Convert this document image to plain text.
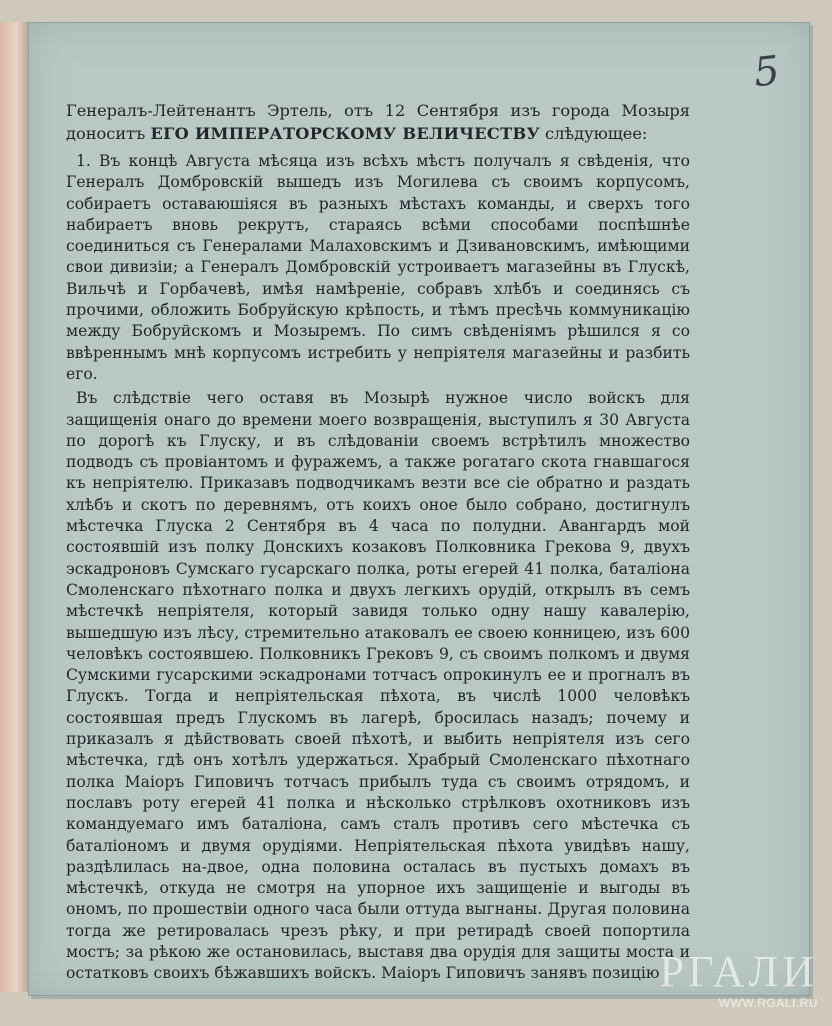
5

Генералъ-Лейтенантъ Эртель, отъ 12 Сентября изъ города Мозыря доноситъ ЕГО ИМПЕРАТОРСКОМУ ВЕЛИЧЕСТВУ слѣдующее:

1. Въ концѣ Августа мѣсяца изъ всѣхъ мѣстъ получалъ я свѣденія, что Генералъ Домбровскій вышедъ изъ Могилева съ своимъ корпусомъ, собираетъ оставаюшіяся въ разныхъ мѣстахъ команды, и сверхъ того набираетъ вновь рекрутъ, стараясь всѣми способами поспѣшнѣе соединиться съ Генералами Малаховскимъ и Дзивановскимъ, имѣющими свои дивизіи; а Генералъ Домбровскій устроиваетъ магазейны въ Глускѣ, Вильчѣ и Горбачевѣ, имѣя намѣреніе, собравъ хлѣбъ и соединясь съ прочими, обложить Бобруйскую крѣпость, и тѣмъ пресѣчь коммуникацію между Бобруйскомъ и Мозыремъ. По симъ свѣденіямъ рѣшился я со ввѣреннымъ мнѣ корпусомъ истребить у непріятеля магазейны и разбить его.

Въ слѣдствіе чего оставя въ Мозырѣ нужное число войскъ для защищенія онаго до времени моего возвращенія, выступилъ я 30 Августа по дорогѣ къ Глуску, и въ слѣдованіи своемъ встрѣтилъ множество подводъ съ провіантомъ и фуражемъ, а также рогатаго скота гнавшагося къ непріятелю. Приказавъ подводчикамъ везти все сіе обратно и раздать хлѣбъ и скотъ по деревнямъ, отъ коихъ оное было собрано, достигнулъ мѣстечка Глуска 2 Сентября въ 4 часа по полудни. Авангардъ мой состоявшій изъ полку Донскихъ козаковъ Полковника Грекова 9, двухъ эскадроновъ Сумскаго гусарскаго полка, роты егерей 41 полка, баталіона Смоленскаго пѣхотнаго полка и двухъ легкихъ орудій, открылъ въ семъ мѣстечкѣ непріятеля, который завидя только одну нашу кавалерію, вышедшую изъ лѣсу, стремительно атаковалъ ее своею конницею, изъ 600 человѣкъ состоявшею. Полковникъ Грековъ 9, съ своимъ полкомъ и двумя Сумскими гусарскими эскадронами тотчасъ опрокинулъ ее и прогналъ въ Глускъ. Тогда и непріятельская пѣхота, въ числѣ 1000 человѣкъ состоявшая предъ Глускомъ въ лагерѣ, бросилась назадъ; почему и приказалъ я дѣйствовать своей пѣхотѣ, и выбить непріятеля изъ сего мѣстечка, гдѣ онъ хотѣлъ удержаться. Храбрый Смоленскаго пѣхотнаго полка Маіоръ Гиповичъ тотчасъ прибылъ туда съ своимъ отрядомъ, и пославъ роту егерей 41 полка и нѣсколько стрѣлковъ охотниковъ изъ командуемаго имъ баталіона, самъ сталъ противъ сего мѣстечка съ баталіономъ и двумя орудіями. Непріятельская пѣхота увидѣвъ нашу, раздѣлилась на-двое, одна половина осталась въ пустыхъ домахъ въ мѣстечкѣ, откуда не смотря на упорное ихъ защищеніе и выгоды въ ономъ, по прошествіи одного часа были оттуда выгнаны. Другая половина тогда же ретировалась чрезъ рѣку, и при ретирадѣ своей попортила мостъ; за рѣкою же остановилась, выставя два орудія для защиты моста и остатковъ своихъ бѣжавшихъ войскъ. Маіоръ Гиповичъ занявъ позицію РГАЛИ
WWW.RGALI.RU
